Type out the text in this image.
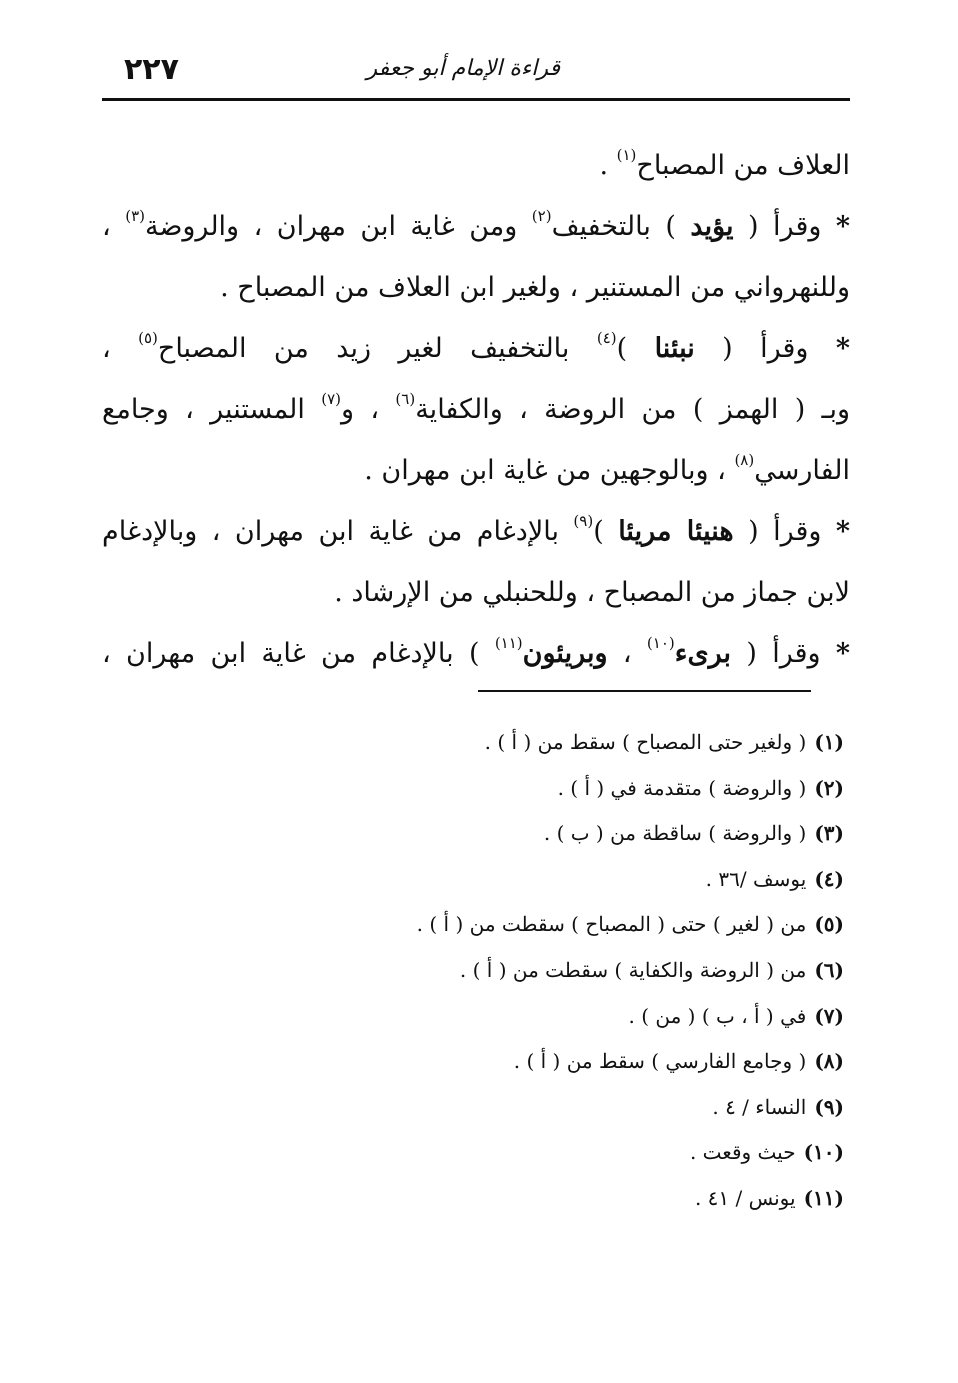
٢٢٧	قراءة الإمام أبو جعفر
العلاف من المصباح$^{(١)}$ .
* وقرأ ( يؤيد ) بالتخفيف$^{(٢)}$ ومن غاية ابن مهران ، والروضة$^{(٣)}$ ،
وللنهرواني من المستنير ، ولغير ابن العلاف من المصباح .
* وقرأ ( نبئنا )$^{(٤)}$ بالتخفيف لغير زيد من المصباح$^{(٥)}$ ،
وبـ ( الهمز ) من الروضة ، والكفاية$^{(٦)}$ ، و$^{(٧)}$ المستنير ، وجامع
الفارسي$^{(٨)}$ ، وبالوجهين من غاية ابن مهران .
* وقرأ ( هنيئا مريئا )$^{(٩)}$ بالإدغام من غاية ابن مهران ، وبالإدغام
لابن جماز من المصباح ، وللحنبلي من الإرشاد .
* وقرأ ( برىء$^{(١٠)}$ ، وبريئون$^{(١١)}$ ) بالإدغام من غاية ابن مهران ،
(١)( ولغير حتى المصباح ) سقط من ( أ ) .
(٢)( والروضة ) متقدمة في ( أ ) .
(٣)( والروضة ) ساقطة من ( ب ) .
(٤)يوسف /٣٦ .
(٥)من ( لغير ) حتى ( المصباح ) سقطت من ( أ ) .
(٦)من ( الروضة والكفاية ) سقطت من ( أ ) .
(٧)في ( أ ، ب ) ( من ) .
(٨)( وجامع الفارسي ) سقط من ( أ ) .
(٩)النساء / ٤ .
(١٠)حيث وقعت .
(١١)يونس / ٤١ .
